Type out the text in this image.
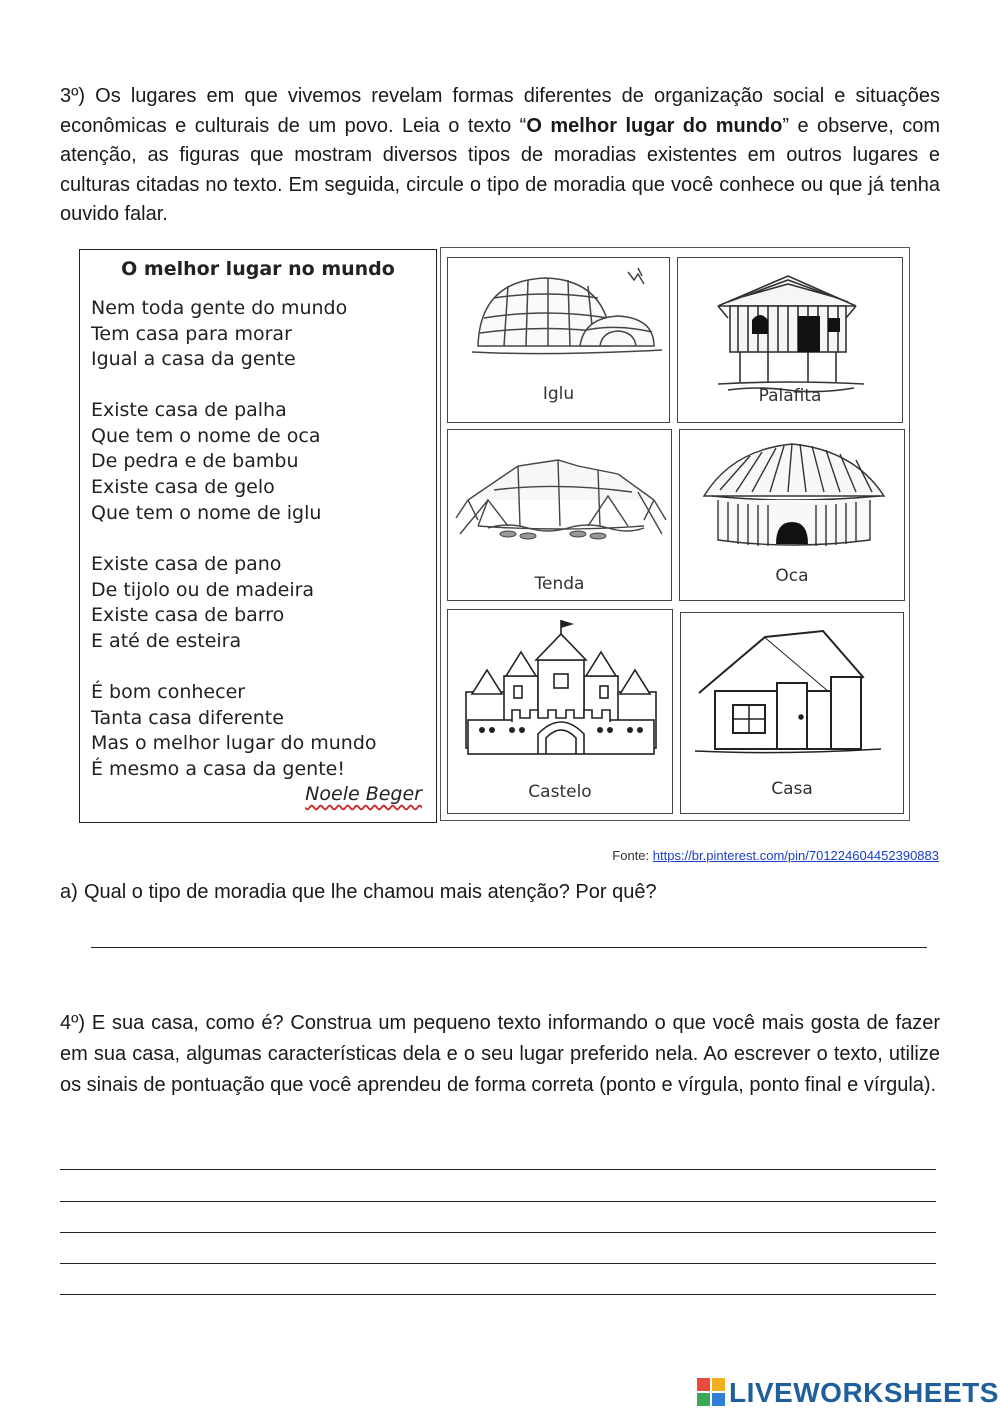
3º) Os lugares em que vivemos revelam formas diferentes de organização social e situações econômicas e culturais de um povo. Leia o texto “O melhor lugar do mundo” e observe, com atenção, as figuras que mostram diversos tipos de moradias existentes em outros lugares e culturas citadas no texto. Em seguida, circule o tipo de moradia que você conhece ou que já tenha ouvido falar.
O melhor lugar no mundo
Nem toda gente do mundo
Tem casa para morar
Igual a casa da gente
Existe casa de palha
Que tem o nome de oca
De pedra e de bambu
Existe casa de gelo
Que tem o nome de iglu
Existe casa de pano
De tijolo ou de madeira
Existe casa de barro
E até de esteira
É bom conhecer
Tanta casa diferente
Mas o melhor lugar do mundo
É mesmo a casa da gente!
Noele Beger
Iglu	Palafita
Tenda	Oca
Castelo	Casa
Fonte: https://br.pinterest.com/pin/701224604452390883
a) Qual o tipo de moradia que lhe chamou mais atenção? Por quê?
4º) E sua casa, como é? Construa um pequeno texto informando o que você mais gosta de fazer em sua casa, algumas características dela e o seu lugar preferido nela. Ao escrever o texto, utilize os sinais de pontuação que você aprendeu de forma correta (ponto e vírgula, ponto final e vírgula).
LIVEWORKSHEETS
